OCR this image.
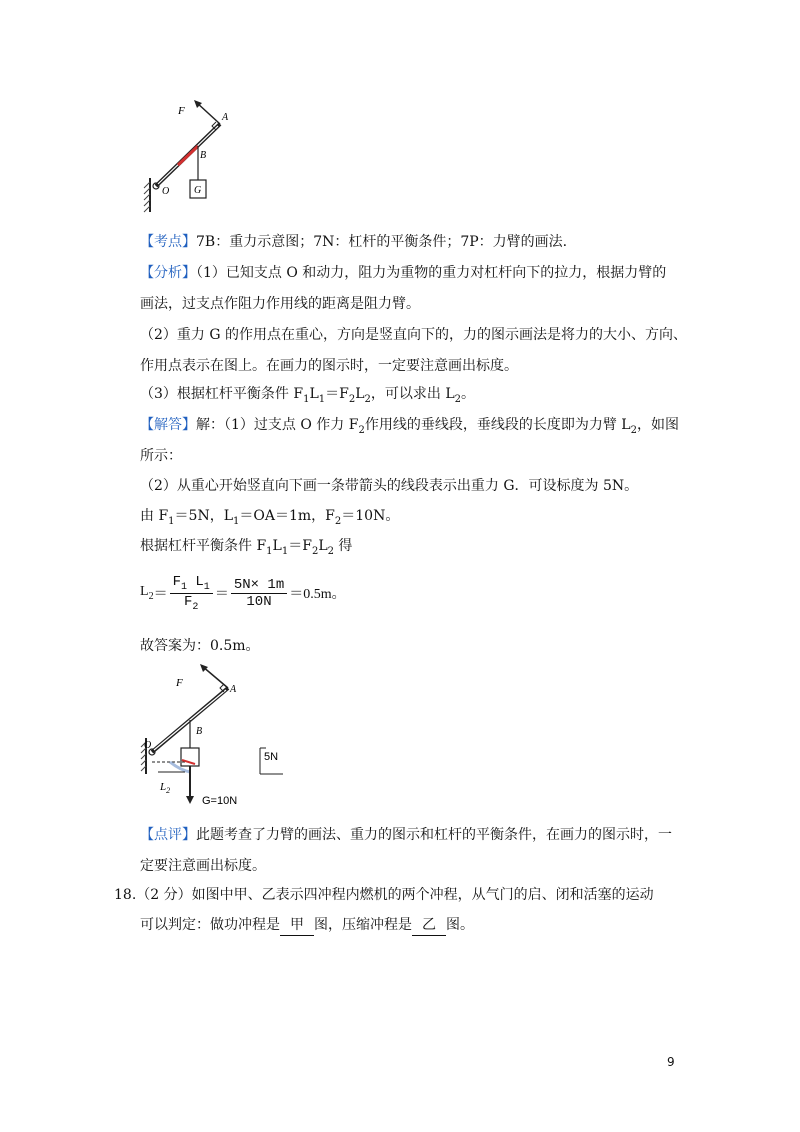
F
A
B
O G
【考点】7B：重力示意图；7N：杠杆的平衡条件；7P：力臂的画法.
【分析】（1）已知支点 O 和动力，阻力为重物的重力对杠杆向下的拉力，根据力臂的
画法，过支点作阻力作用线的距离是阻力臂。
（2）重力 G 的作用点在重心，方向是竖直向下的，力的图示画法是将力的大小、方向、
作用点表示在图上。在画力的图示时，一定要注意画出标度。
（3）根据杠杆平衡条件 $F_1L_1=F_2L_2$，可以求出 $L_2$。
【解答】解：（1）过支点 O 作力 $F_2$作用线的垂线段，垂线段的长度即为力臂 $L_2$，如图
所示：
（2）从重心开始竖直向下画一条带箭头的线段表示出重力 G．可设标度为 5N。
由 $F_1=5N$，$L_1=OA=1m$，$F_2=10N$。
根据杠杆平衡条件 $F_1L_1=F_2L_2$ 得
$L_2$ ＝
$F_1$ $L_1$
$F_2$
＝
5N× 1m
10N ＝0.5m。
故答案为：0.5m。
F
A
B
O
$L_2$
G=10N
5N
【点评】此题考查了力臂的画法、重力的图示和杠杆的平衡条件，在画力的图示时，一
定要注意画出标度。
18.（2 分）如图中甲、乙表示四冲程内燃机的两个冲程，从气门的启、闭和活塞的运动
可以判定：做功冲程是 甲 图，压缩冲程是 乙 图。
9
